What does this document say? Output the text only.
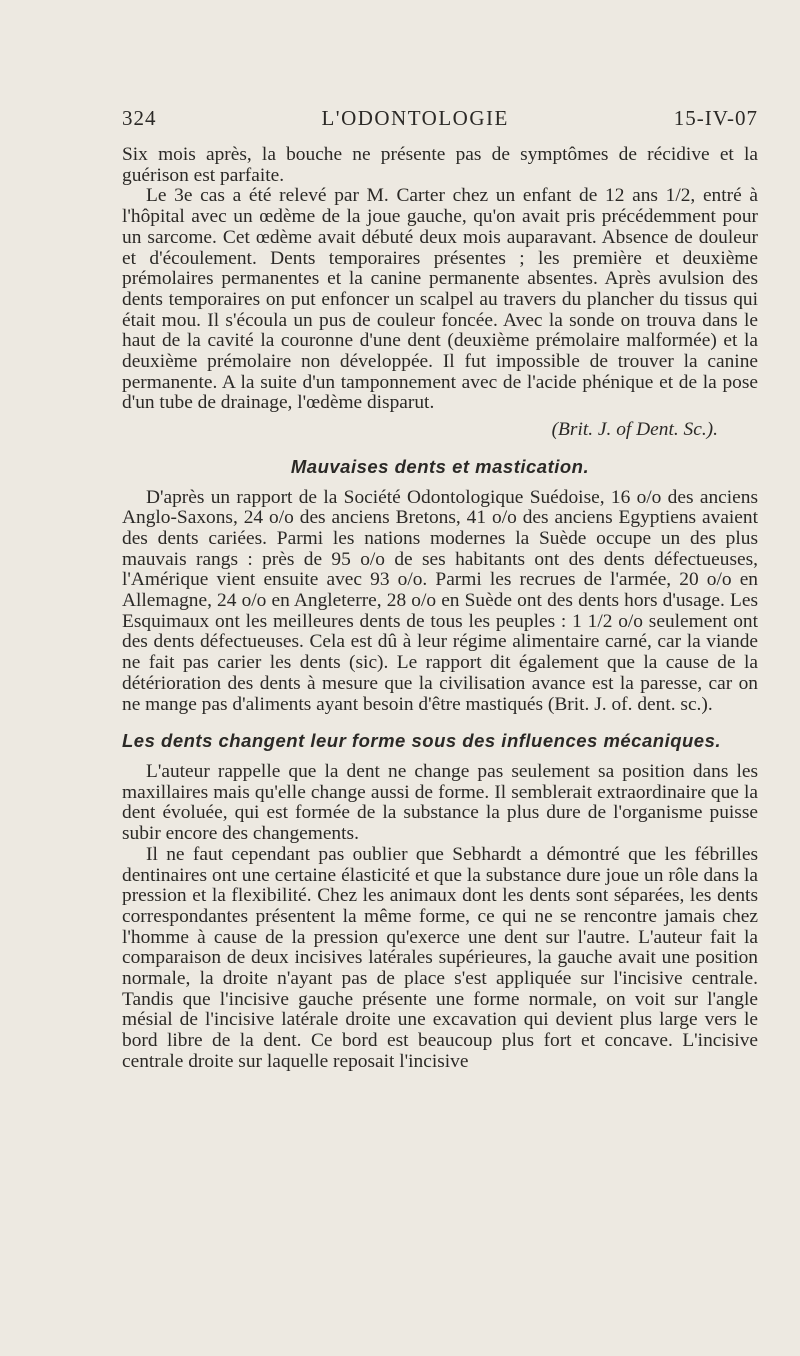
324	L'ODONTOLOGIE	15-IV-07

Six mois après, la bouche ne présente pas de symptômes de récidive et la guérison est parfaite.

Le 3e cas a été relevé par M. Carter chez un enfant de 12 ans 1/2, entré à l'hôpital avec un œdème de la joue gauche, qu'on avait pris précédemment pour un sarcome. Cet œdème avait débuté deux mois auparavant. Absence de douleur et d'écoulement. Dents temporaires présentes ; les première et deuxième prémolaires permanentes et la canine permanente absentes. Après avulsion des dents temporaires on put enfoncer un scalpel au travers du plancher du tissus qui était mou. Il s'écoula un pus de couleur foncée. Avec la sonde on trouva dans le haut de la cavité la couronne d'une dent (deuxième prémolaire malformée) et la deuxième prémolaire non développée. Il fut impossible de trouver la canine permanente. A la suite d'un tamponnement avec de l'acide phénique et de la pose d'un tube de drainage, l'œdème disparut.

(Brit. J. of Dent. Sc.).
Mauvaises dents et mastication.

D'après un rapport de la Société Odontologique Suédoise, 16 o/o des anciens Anglo-Saxons, 24 o/o des anciens Bretons, 41 o/o des anciens Egyptiens avaient des dents cariées. Parmi les nations modernes la Suède occupe un des plus mauvais rangs : près de 95 o/o de ses habitants ont des dents défectueuses, l'Amérique vient ensuite avec 93 o/o. Parmi les recrues de l'armée, 20 o/o en Allemagne, 24 o/o en Angleterre, 28 o/o en Suède ont des dents hors d'usage. Les Esquimaux ont les meilleures dents de tous les peuples : 1 1/2 o/o seulement ont des dents défectueuses. Cela est dû à leur régime alimentaire carné, car la viande ne fait pas carier les dents (sic). Le rapport dit également que la cause de la détérioration des dents à mesure que la civilisation avance est la paresse, car on ne mange pas d'aliments ayant besoin d'être mastiqués (Brit. J. of. dent. sc.).

Les dents changent leur forme sous des influences mécaniques.

L'auteur rappelle que la dent ne change pas seulement sa position dans les maxillaires mais qu'elle change aussi de forme. Il semblerait extraordinaire que la dent évoluée, qui est formée de la substance la plus dure de l'organisme puisse subir encore des changements.

Il ne faut cependant pas oublier que Sebhardt a démontré que les fébrilles dentinaires ont une certaine élasticité et que la substance dure joue un rôle dans la pression et la flexibilité. Chez les animaux dont les dents sont séparées, les dents correspondantes présentent la même forme, ce qui ne se rencontre jamais chez l'homme à cause de la pression qu'exerce une dent sur l'autre. L'auteur fait la comparaison de deux incisives latérales supérieures, la gauche avait une position normale, la droite n'ayant pas de place s'est appliquée sur l'incisive centrale. Tandis que l'incisive gauche présente une forme normale, on voit sur l'angle mésial de l'incisive latérale droite une excavation qui devient plus large vers le bord libre de la dent. Ce bord est beaucoup plus fort et concave. L'incisive centrale droite sur laquelle reposait l'incisive
